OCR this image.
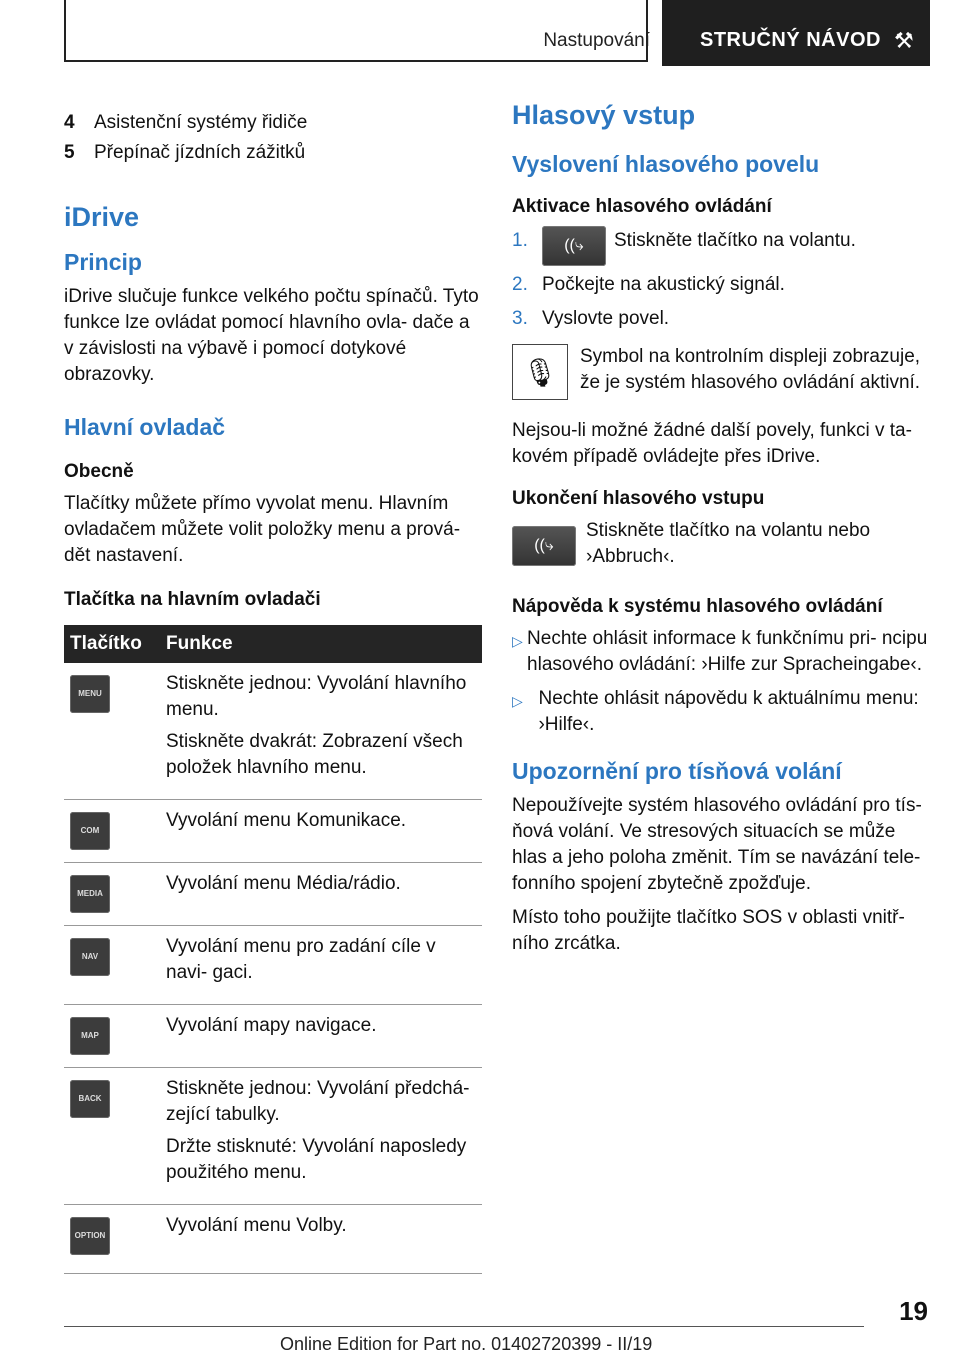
Nastupování	STRUČNÝ NÁVOD ⚒
4	Asistenční systémy řidiče
5	Přepínač jízdních zážitků
iDrive
Princip
iDrive slučuje funkce velkého počtu spínačů. Tyto funkce lze ovládat pomocí hlavního ovla- dače a v závislosti na výbavě i pomocí dotykové obrazovky.
Hlavní ovladač
Obecně
Tlačítky můžete přímo vyvolat menu. Hlavním ovladačem můžete volit položky menu a prová- dět nastavení.
Tlačítka na hlavním ovladači
Tlačítko	Funkce

MENU	Stiskněte jednou: Vyvolání hlavního menu.
Stiskněte dvakrát: Zobrazení všech položek hlavního menu.

COM	Vyvolání menu Komunikace.

MEDIA	Vyvolání menu Média/rádio.

NAV	Vyvolání menu pro zadání cíle v navi- gaci.

MAP	Vyvolání mapy navigace.

BACK	Stiskněte jednou: Vyvolání předchá- zející tabulky.
Držte stisknuté: Vyvolání naposledy použitého menu.

OPTION	Vyvolání menu Volby.
Hlasový vstup
Vyslovení hlasového povelu
Aktivace hlasového ovládání
1.	((⤷	Stiskněte tlačítko na volantu.
2. Počkejte na akustický signál.
3. Vyslovte povel.
🎙	Symbol na kontrolním displeji zobrazuje, že je systém hlasového ovládání aktivní.
Nejsou-li možné žádné další povely, funkci v ta- kovém případě ovládejte přes iDrive.
Ukončení hlasového vstupu
((⤷
Stiskněte tlačítko na volantu nebo ›Abbruch‹.
Nápověda k systému hlasového ovládání
▷ Nechte ohlásit informace k funkčnímu pri- ncipu hlasového ovládání: ›Hilfe zur Spracheingabe‹.
▷ Nechte ohlásit nápovědu k aktuálnímu menu: ›Hilfe‹.
Upozornění pro tísňová volání
Nepoužívejte systém hlasového ovládání pro tís- ňová volání. Ve stresových situacích se může hlas a jeho poloha změnit. Tím se navázání tele- fonního spojení zbytečně zpožďuje.
Místo toho použijte tlačítko SOS v oblasti vnitř- ního zrcátka.
19
Online Edition for Part no. 01402720399 - II/19
